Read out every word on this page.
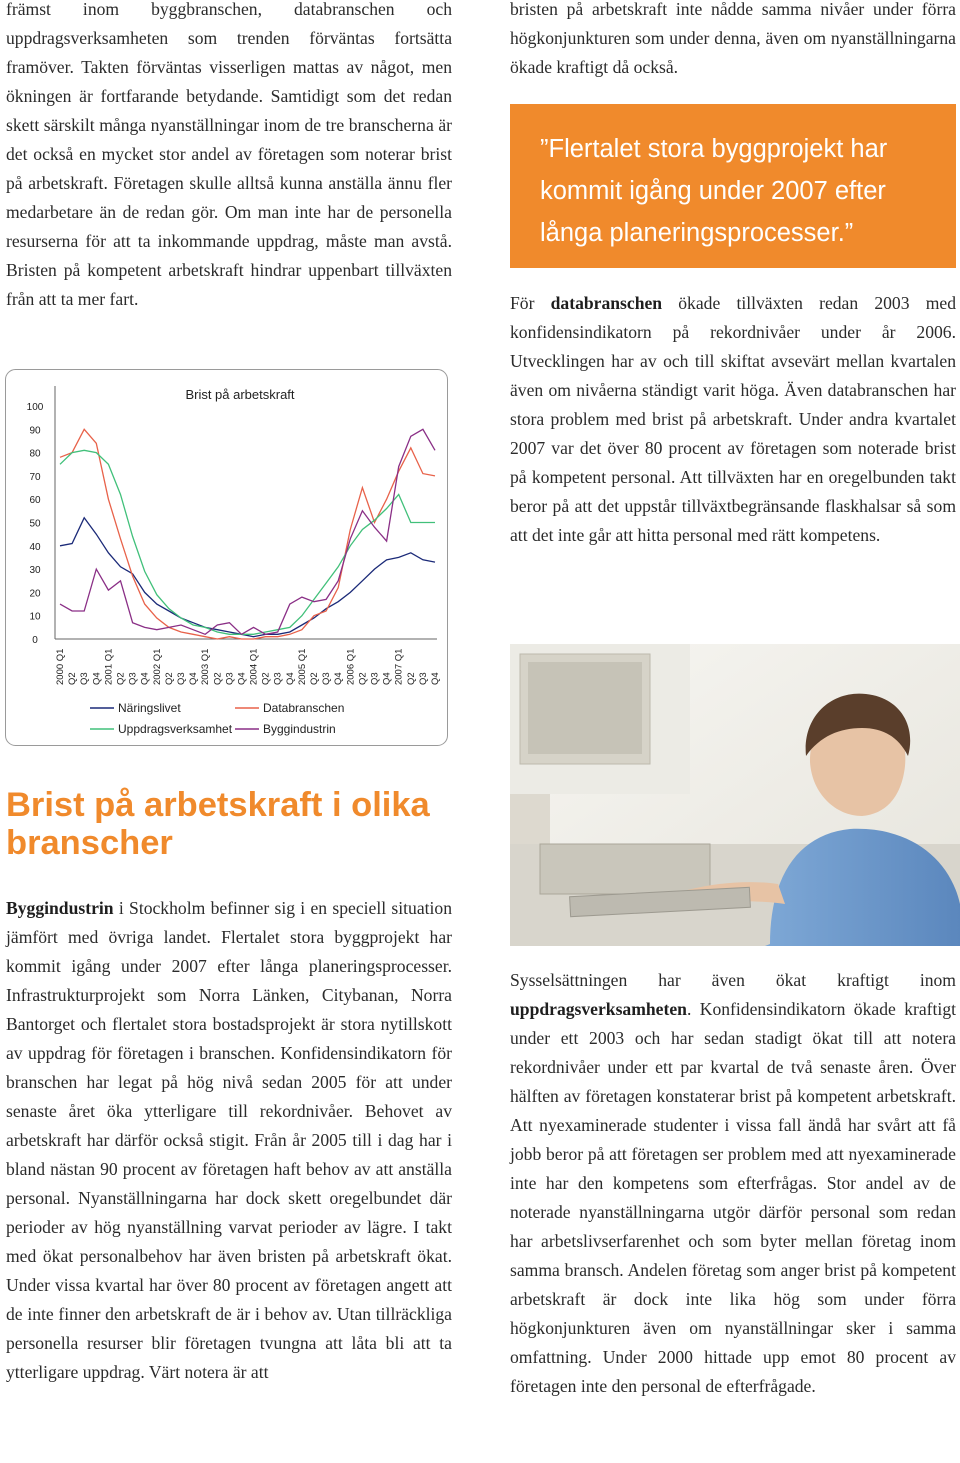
främst inom byggbranschen, databranschen och uppdragsverksamheten som trenden förväntas fortsätta framöver. Takten förväntas visserligen mattas av något, men ökningen är fortfarande betydande. Samtidigt som det redan skett särskilt många nyanställningar inom de tre branscherna är det också en mycket stor andel av företagen som noterar brist på arbetskraft. Företagen skulle alltså kunna anställa ännu fler medarbetare än de redan gör. Om man inte har de personella resurserna för att ta inkommande uppdrag, måste man avstå. Bristen på kompetent arbetskraft hindrar uppenbart tillväxten från att ta mer fart.

bristen på arbetskraft inte nådde samma nivåer under förra högkonjunkturen som under denna, även om nyanställningarna ökade kraftigt då också.

”Flertalet stora byggprojekt har kommit igång under 2007 efter långa planeringsprocesser.”

För databranschen ökade tillväxten redan 2003 med konfidensindikatorn på rekordnivåer under år 2006. Utvecklingen har av och till skiftat avsevärt mellan kvartalen även om nivåerna ständigt varit höga. Även databranschen har stora problem med brist på arbetskraft. Under andra kvartalet 2007 var det över 80 procent av företagen som noterade brist på kompetent personal. Att tillväxten har en oregelbunden takt beror på att det uppstår tillväxtbegränsande flaskhalsar så som att det inte går att hitta personal med rätt kompetens.

Brist på arbetskraft
0
10
20
30
40
50
60
70
80
90
100
2000 Q1 Q2 Q3 Q4 2001 Q1 Q2 Q3 Q4 2002 Q1 Q2 Q3 Q4 2003 Q1 Q2 Q3 Q4 2004 Q1 Q2 Q3 Q4 2005 Q1 Q2 Q3 Q4 2006 Q1 Q2 Q3 Q4 2007 Q1 Q2 Q3 Q4
Näringslivet	Databranschen
Uppdragsverksamhet	Byggindustrin
Brist på arbetskraft i olika branscher

Byggindustrin i Stockholm befinner sig i en speciell situation jämfört med övriga landet. Flertalet stora byggprojekt har kommit igång under 2007 efter långa planeringsprocesser. Infrastrukturprojekt som Norra Länken, Citybanan, Norra Bantorget och flertalet stora bostadsprojekt är stora nytillskott av uppdrag för företagen i branschen. Konfidensindikatorn för branschen har legat på hög nivå sedan 2005 för att under senaste året öka ytterligare till rekordnivåer. Behovet av arbetskraft har därför också stigit. Från år 2005 till i dag har i bland nästan 90 procent av företagen haft behov av att anställa personal. Nyanställningarna har dock skett oregelbundet där perioder av hög nyanställning varvat perioder av lägre. I takt med ökat personalbehov har även bristen på arbetskraft ökat. Under vissa kvartal har över 80 procent av företagen angett att de inte finner den arbetskraft de är i behov av. Utan tillräckliga personella resurser blir företagen tvungna att låta bli att ta ytterligare uppdrag. Värt notera är att

Sysselsättningen har även ökat kraftigt inom uppdragsverksamheten. Konfidensindikatorn ökade kraftigt under ett 2003 och har sedan stadigt ökat till att notera rekordnivåer under ett par kvartal de två senaste åren. Över hälften av företagen konstaterar brist på kompetent arbetskraft. Att nyexaminerade studenter i vissa fall ändå har svårt att få jobb beror på att företagen ser problem med att nyexaminerade inte har den kompetens som efterfrågas. Stor andel av de noterade nyanställningarna utgör därför personal som redan har arbetslivserfarenhet och som byter mellan företag inom samma bransch. Andelen företag som anger brist på kompetent arbetskraft är dock inte lika hög som under förra högkonjunkturen även om nyanställningar sker i samma omfattning. Under 2000 hittade upp emot 80 procent av företagen inte den personal de efterfrågade.
